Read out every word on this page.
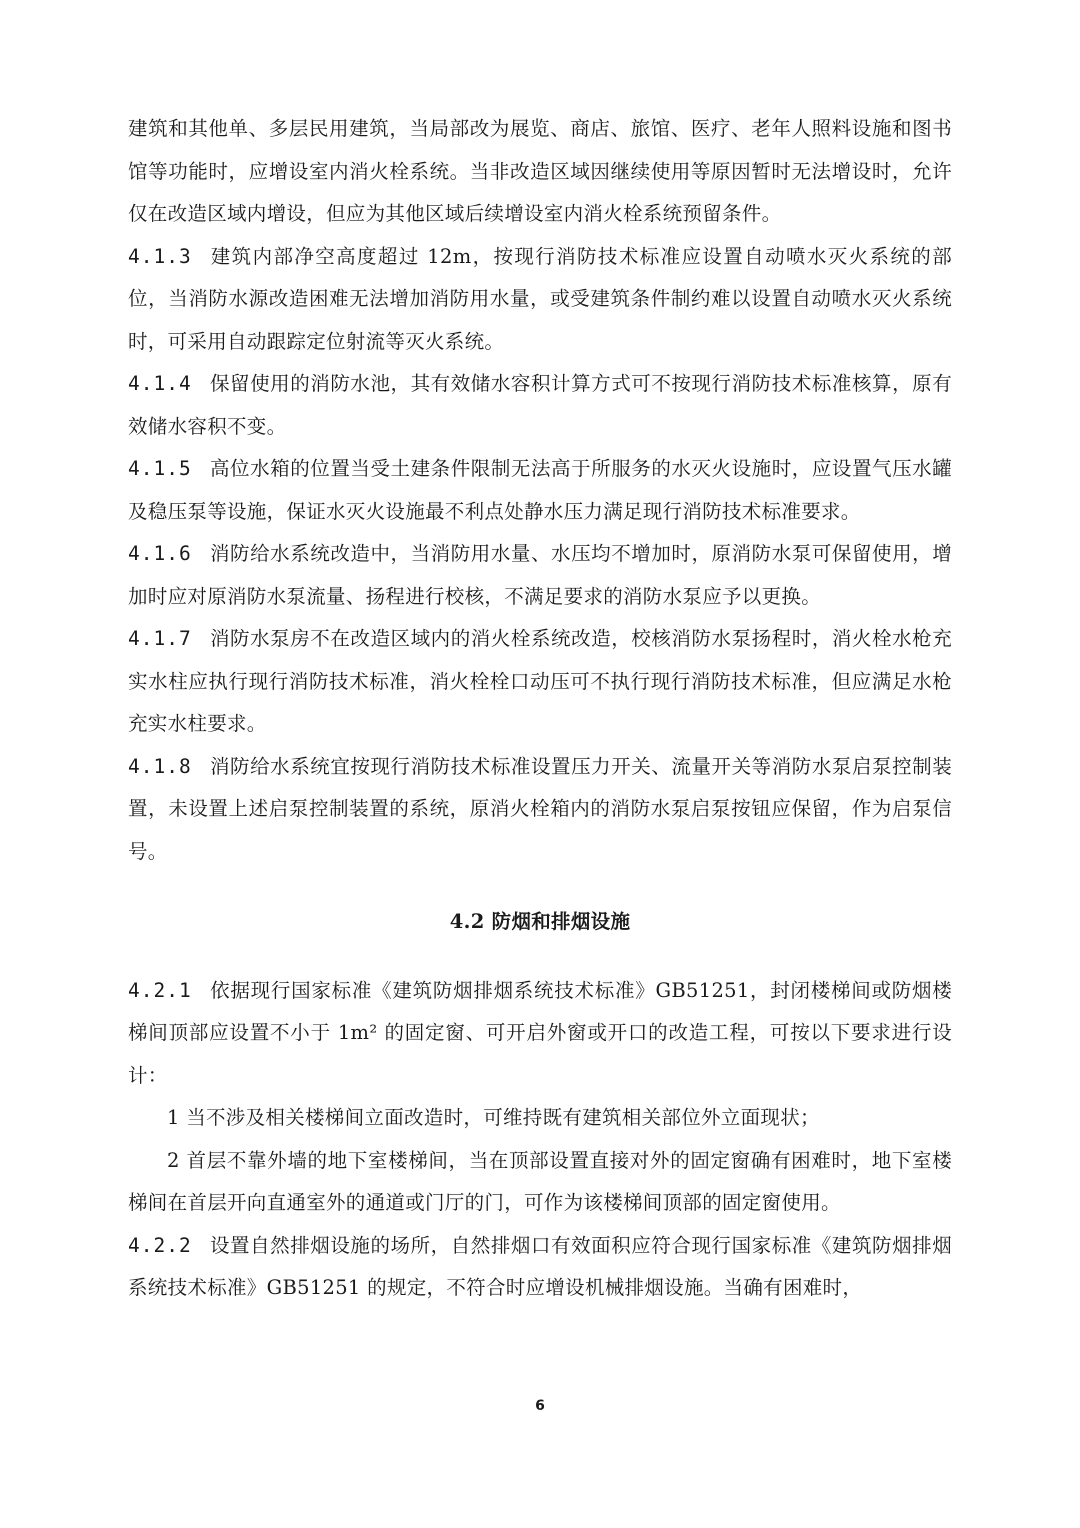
建筑和其他单、多层民用建筑，当局部改为展览、商店、旅馆、医疗、老年人照料设施和图书馆等功能时，应增设室内消火栓系统。当非改造区域因继续使用等原因暂时无法增设时，允许仅在改造区域内增设，但应为其他区域后续增设室内消火栓系统预留条件。

4.1.3 建筑内部净空高度超过 12m，按现行消防技术标准应设置自动喷水灭火系统的部位，当消防水源改造困难无法增加消防用水量，或受建筑条件制约难以设置自动喷水灭火系统时，可采用自动跟踪定位射流等灭火系统。

4.1.4 保留使用的消防水池，其有效储水容积计算方式可不按现行消防技术标准核算，原有效储水容积不变。

4.1.5 高位水箱的位置当受土建条件限制无法高于所服务的水灭火设施时，应设置气压水罐及稳压泵等设施，保证水灭火设施最不利点处静水压力满足现行消防技术标准要求。

4.1.6 消防给水系统改造中，当消防用水量、水压均不增加时，原消防水泵可保留使用，增加时应对原消防水泵流量、扬程进行校核，不满足要求的消防水泵应予以更换。

4.1.7 消防水泵房不在改造区域内的消火栓系统改造，校核消防水泵扬程时，消火栓水枪充实水柱应执行现行消防技术标准，消火栓栓口动压可不执行现行消防技术标准，但应满足水枪充实水柱要求。

4.1.8 消防给水系统宜按现行消防技术标准设置压力开关、流量开关等消防水泵启泵控制装置，未设置上述启泵控制装置的系统，原消火栓箱内的消防水泵启泵按钮应保留，作为启泵信号。

4.2 防烟和排烟设施

4.2.1 依据现行国家标准《建筑防烟排烟系统技术标准》GB51251，封闭楼梯间或防烟楼梯间顶部应设置不小于 1m² 的固定窗、可开启外窗或开口的改造工程，可按以下要求进行设计：

1 当不涉及相关楼梯间立面改造时，可维持既有建筑相关部位外立面现状；

2 首层不靠外墙的地下室楼梯间，当在顶部设置直接对外的固定窗确有困难时，地下室楼梯间在首层开向直通室外的通道或门厅的门，可作为该楼梯间顶部的固定窗使用。

4.2.2 设置自然排烟设施的场所，自然排烟口有效面积应符合现行国家标准《建筑防烟排烟系统技术标准》GB51251 的规定，不符合时应增设机械排烟设施。当确有困难时，

6
